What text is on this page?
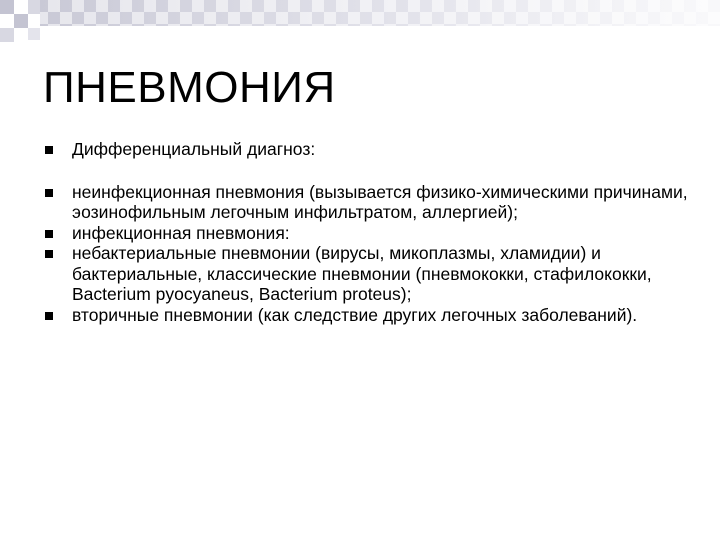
ПНЕВМОНИЯ
Дифференциальный диагноз:
неинфекционная пневмония (вызывается физико-химическими причинами, эозинофильным легочным инфильтратом, аллергией);
инфекционная пневмония:
небактериальные пневмонии (вирусы, микоплазмы, хламидии) и бактериальные, классические пневмонии (пневмококки, стафилококки, Bacterium pyocyaneus, Bacterium proteus);
вторичные пневмонии (как следствие других легочных заболеваний).
